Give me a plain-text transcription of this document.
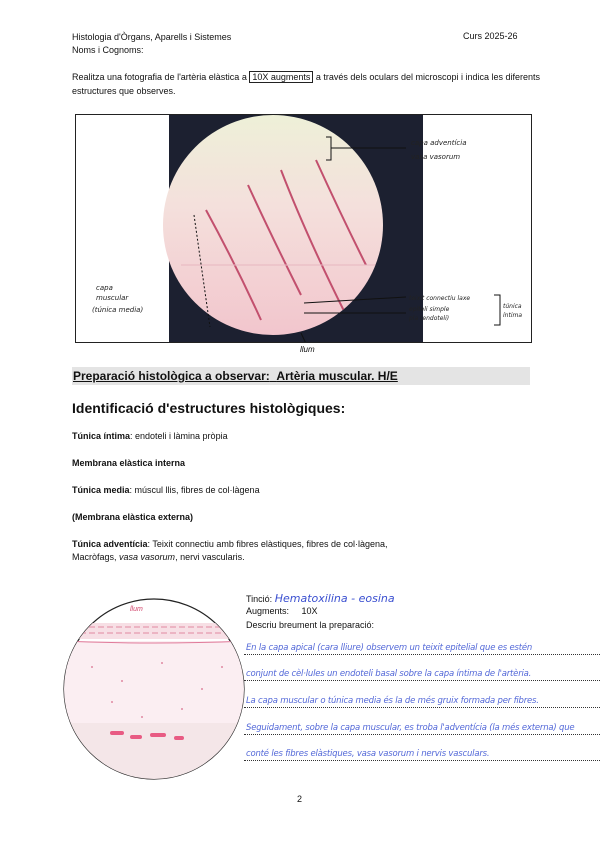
Histologia d'Òrgans, Aparells i Sistemes
Noms i Cognoms:
Curs 2025-26
Realitza una fotografia de l'artèria elàstica a 10X augments a través dels oculars del microscopi i indica les diferents estructures que observes.
capa adventícia
vasa vasorum
capa
muscular
(túnica media)
teixit connectiu laxe
epiteli simple
pla (endoteli)
túnica
íntima
llum
Preparació histològica a observar: Artèria muscular. H/E
Identificació d'estructures histològiques:
Túnica íntima: endoteli i làmina pròpia
Membrana elàstica interna
Túnica media: múscul llis, fibres de col·làgena
(Membrana elàstica externa)
Túnica adventícia: Teixit connectiu amb fibres elàstiques, fibres de col·làgena,
Macròfags, vasa vasorum, nervi vascularis.
llum
Tinció: Hematoxilina - eosina
Augments: 10X
Descriu breument la preparació:
En la capa apical (cara lliure) observem un teixit epitelial que es estén
conjunt de cèl·lules un endoteli basal sobre la capa íntima de l'artèria.
La capa muscular o túnica media és la de més gruix formada per fibres.
Seguidament, sobre la capa muscular, es troba l'adventícia (la més externa) que
conté les fibres elàstiques, vasa vasorum i nervis vasculars.
2
